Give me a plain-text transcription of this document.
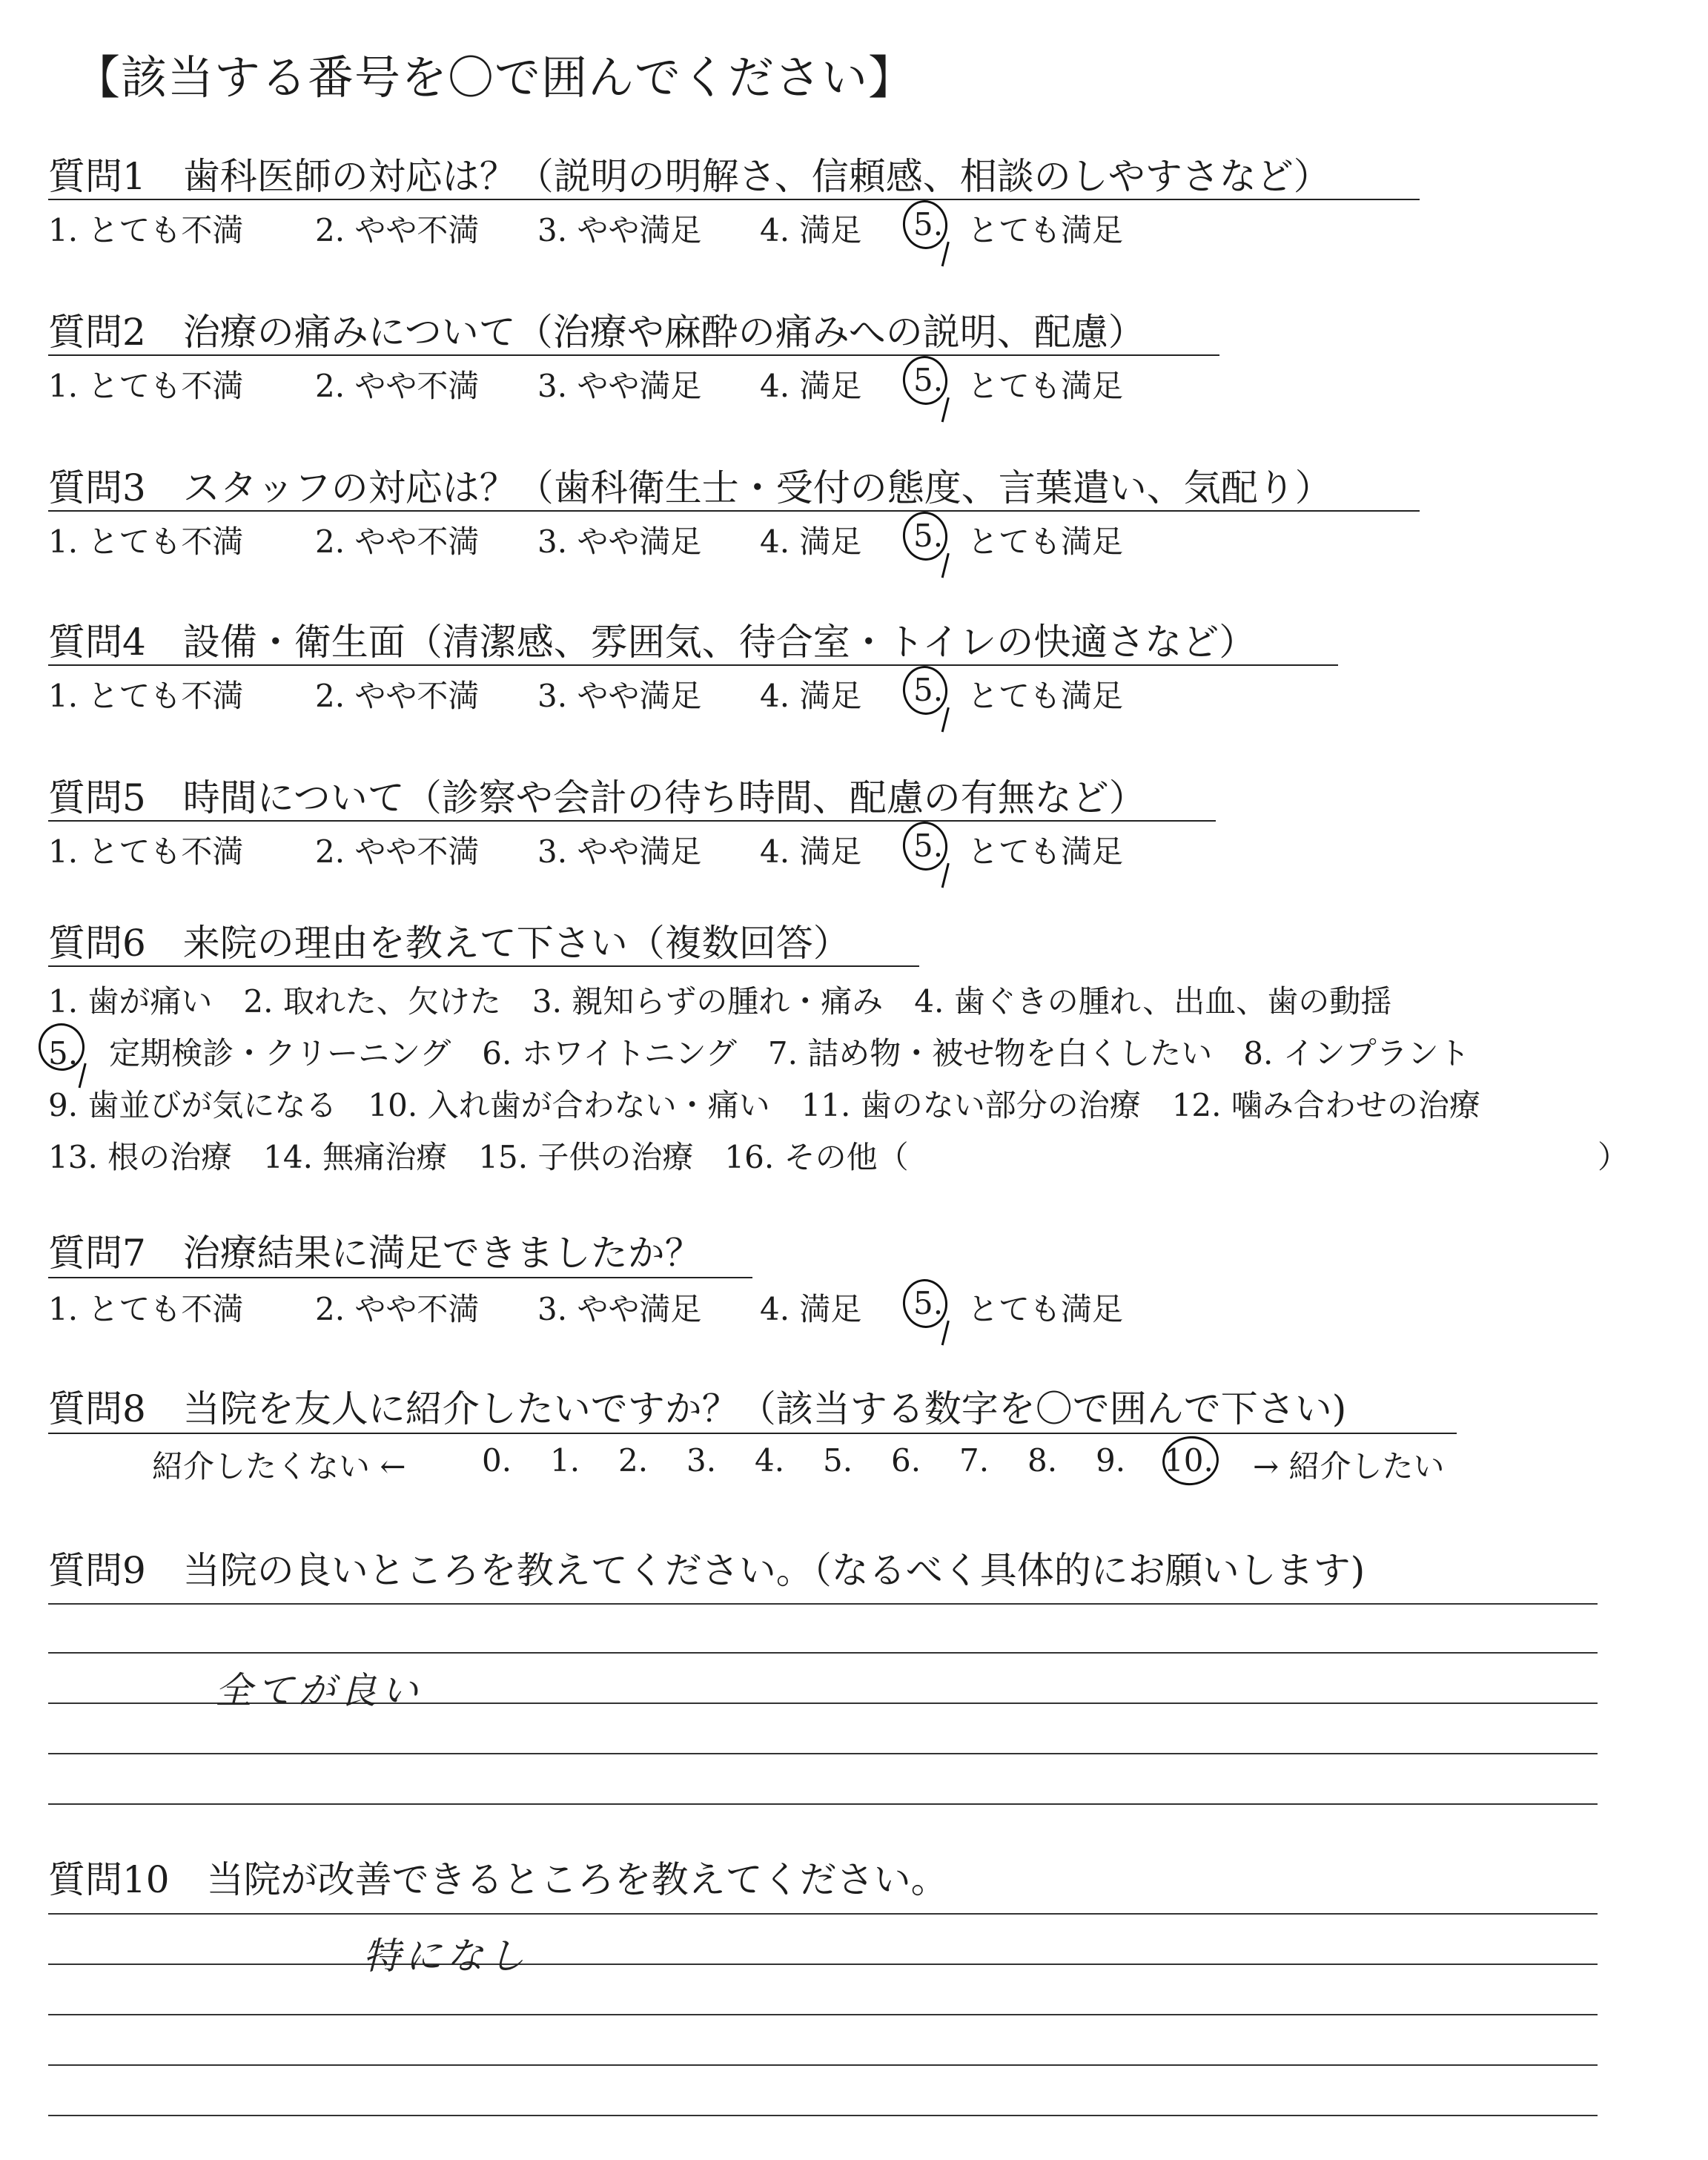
【該当する番号を〇で囲んでください】
質問1　歯科医師の対応は？（説明の明解さ、信頼感、相談のしやすさなど）
1. とても不満 2. やや不満 3. やや満足 4. 満足 5. とても満足
質問2　治療の痛みについて（治療や麻酔の痛みへの説明、配慮）
1. とても不満 2. やや不満 3. やや満足 4. 満足 5. とても満足
質問3　スタッフの対応は？（歯科衛生士・受付の態度、言葉遣い、気配り）
1. とても不満 2. やや不満 3. やや満足 4. 満足 5. とても満足
質問4　設備・衛生面（清潔感、雰囲気、待合室・トイレの快適さなど）
1. とても不満 2. やや不満 3. やや満足 4. 満足 5. とても満足
質問5　時間について（診察や会計の待ち時間、配慮の有無など）
1. とても不満 2. やや不満 3. やや満足 4. 満足 5. とても満足
質問6　来院の理由を教えて下さい（複数回答）
1. 歯が痛い　2. 取れた、欠けた　3. 親知らずの腫れ・痛み　4. 歯ぐきの腫れ、出血、歯の動揺
5.　定期検診・クリーニング　6. ホワイトニング　7. 詰め物・被せ物を白くしたい　8. インプラント
9. 歯並びが気になる　10. 入れ歯が合わない・痛い　11. 歯のない部分の治療　12. 噛み合わせの治療
13. 根の治療　14. 無痛治療　15. 子供の治療　16. その他（	）
質問7　治療結果に満足できましたか？
1. とても不満 2. やや不満 3. やや満足 4. 満足 5. とても満足
質問8　当院を友人に紹介したいですか？（該当する数字を〇で囲んで下さい)
紹介したくない ← 0. 1. 2. 3. 4. 5. 6. 7. 8. 9. 10. → 紹介したい
質問9　当院の良いところを教えてください。（なるべく具体的にお願いします)
全てが良い
質問10　当院が改善できるところを教えてください。
特になし
